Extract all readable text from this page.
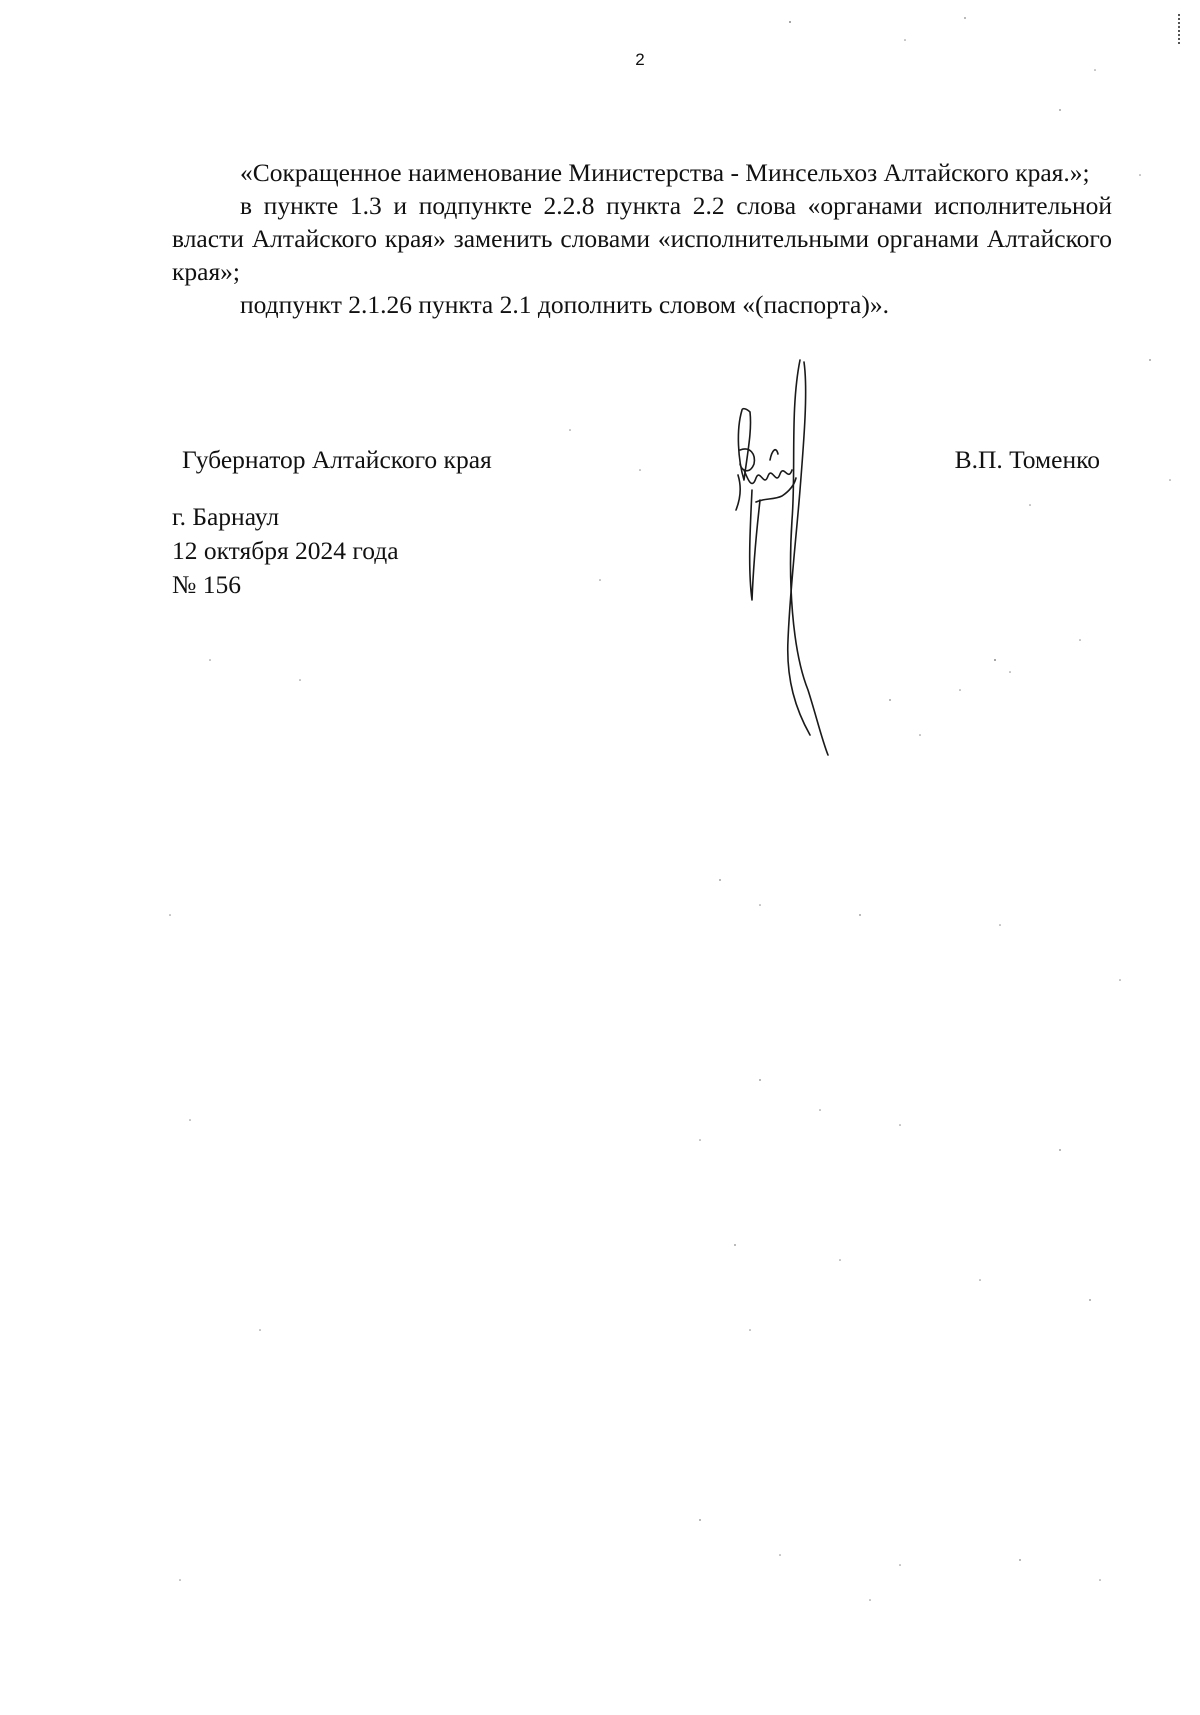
2

«Сокращенное наименование Министерства - Минсельхоз Алтайского края.»;

в пункте 1.3 и подпункте 2.2.8 пункта 2.2 слова «органами исполнительной власти Алтайского края» заменить словами «исполнительными органами Алтайского края»;

подпункт 2.1.26 пункта 2.1 дополнить словом «(паспорта)».

Губернатор Алтайского края	В.П. Томенко
г. Барнаул
12 октября 2024 года
№ 156
